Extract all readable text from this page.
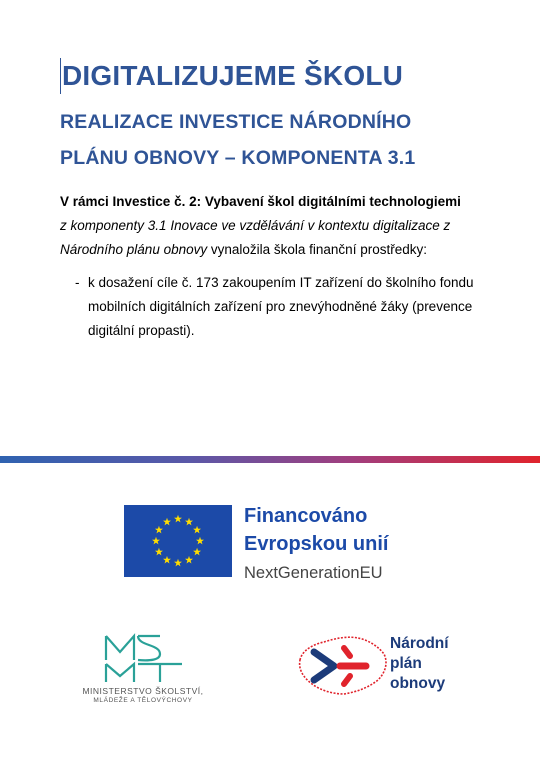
DIGITALIZUJEME ŠKOLU
REALIZACE INVESTICE NÁRODNÍHO
PLÁNU OBNOVY – KOMPONENTA 3.1
V rámci Investice č. 2: Vybavení škol digitálními technologiemi
z komponenty 3.1 Inovace ve vzdělávání v kontextu digitalizace z
Národního plánu obnovy vynaložila škola finanční prostředky:
- k dosažení cíle č. 173 zakoupením IT zařízení do školního fondu mobilních digitálních zařízení pro znevýhodněné žáky (prevence digitální propasti).
Financováno
Evropskou unií
NextGenerationEU
MINISTERSTVO ŠKOLSTVÍ,
MLÁDEŽE A TĚLOVÝCHOVY
Národní
plán
obnovy
